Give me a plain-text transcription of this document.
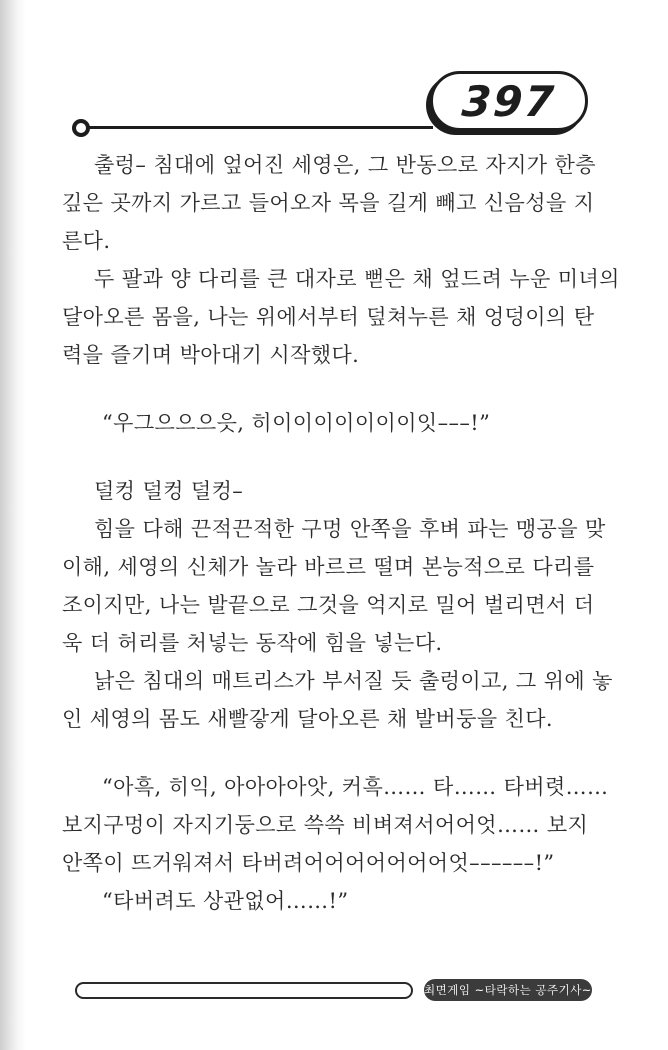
397
출렁– 침대에 엎어진 세영은, 그 반동으로 자지가 한층
깊은 곳까지 가르고 들어오자 목을 길게 빼고 신음성을 지
른다.
두 팔과 양 다리를 큰 대자로 뻗은 채 엎드려 누운 미녀의
달아오른 몸을, 나는 위에서부터 덮쳐누른 채 엉덩이의 탄
력을 즐기며 박아대기 시작했다.
“우그으으으읏, 히이이이이이이이잇–––!”
덜컹 덜컹 덜컹–
힘을 다해 끈적끈적한 구멍 안쪽을 후벼 파는 맹공을 맞
이해, 세영의 신체가 놀라 바르르 떨며 본능적으로 다리를
조이지만, 나는 발끝으로 그것을 억지로 밀어 벌리면서 더
욱 더 허리를 처넣는 동작에 힘을 넣는다.
낡은 침대의 매트리스가 부서질 듯 출렁이고, 그 위에 놓
인 세영의 몸도 새빨갛게 달아오른 채 발버둥을 친다.
“아흑, 히익, 아아아아앗, 커흑…… 타…… 타버렷……
보지구멍이 자지기둥으로 쓱쓱 비벼져서어어엇…… 보지
안쪽이 뜨거워져서 타버려어어어어어어어엇––––––!”
“타버려도 상관없어……!”
최면게임 ~타락하는 공주기사~
